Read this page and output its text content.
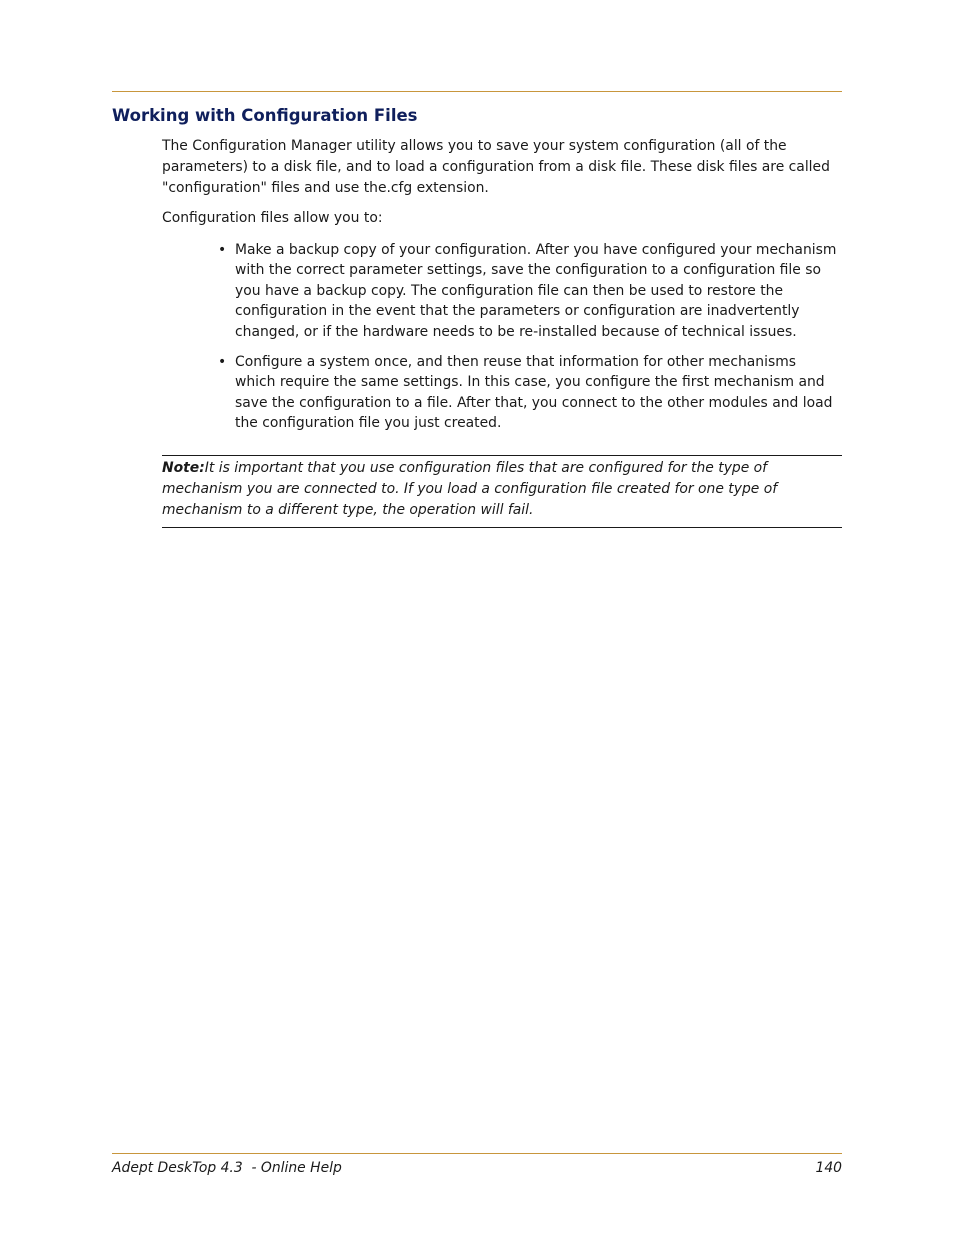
Working with Configuration Files

The Configuration Manager utility allows you to save your system configuration (all of the
parameters) to a disk file, and to load a configuration from a disk file. These disk files are called
"configuration" files and use the.cfg extension.

Configuration files allow you to:

• Make a backup copy of your configuration. After you have configured your mechanism
with the correct parameter settings, save the configuration to a configuration file so
you have a backup copy. The configuration file can then be used to restore the
configuration in the event that the parameters or configuration are inadvertently
changed, or if the hardware needs to be re-installed because of technical issues.
• Configure a system once, and then reuse that information for other mechanisms
which require the same settings. In this case, you configure the first mechanism and
save the configuration to a file. After that, you connect to the other modules and load
the configuration file you just created.
Note:It is important that you use configuration files that are configured for the type of
mechanism you are connected to. If you load a configuration file created for one type of
mechanism to a different type, the operation will fail.
Adept DeskTop 4.3  - Online Help	140
